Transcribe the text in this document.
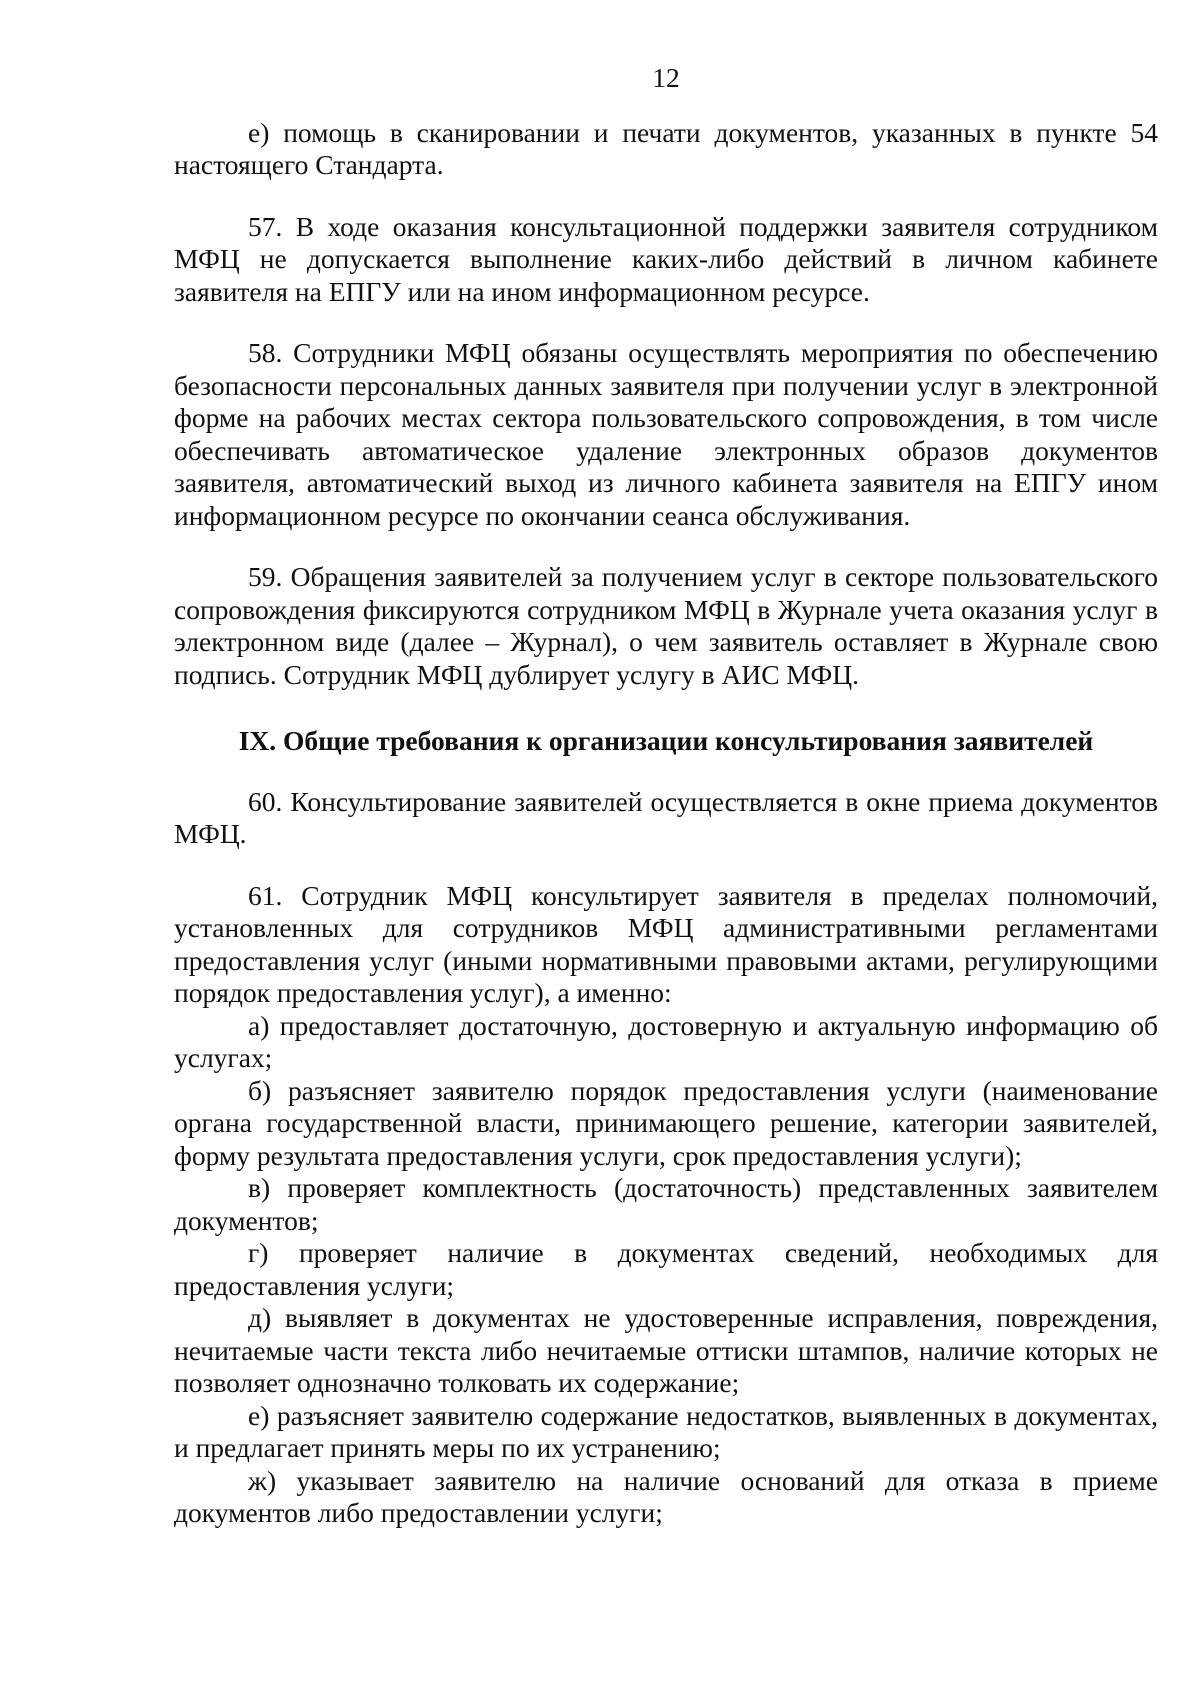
12

е) помощь в сканировании и печати документов, указанных в пункте 54 настоящего Стандарта.

57. В ходе оказания консультационной поддержки заявителя сотрудником МФЦ не допускается выполнение каких-либо действий в личном кабинете заявителя на ЕПГУ или на ином информационном ресурсе.

58. Сотрудники МФЦ обязаны осуществлять мероприятия по обеспечению безопасности персональных данных заявителя при получении услуг в электронной форме на рабочих местах сектора пользовательского сопровождения, в том числе обеспечивать автоматическое удаление электронных образов документов заявителя, автоматический выход из личного кабинета заявителя на ЕПГУ ином информационном ресурсе по окончании сеанса обслуживания.

59. Обращения заявителей за получением услуг в секторе пользовательского сопровождения фиксируются сотрудником МФЦ в Журнале учета оказания услуг в электронном виде (далее – Журнал), о чем заявитель оставляет в Журнале свою подпись. Сотрудник МФЦ дублирует услугу в АИС МФЦ.

IX. Общие требования к организации консультирования заявителей

60. Консультирование заявителей осуществляется в окне приема документов МФЦ.

61. Сотрудник МФЦ консультирует заявителя в пределах полномочий, установленных для сотрудников МФЦ административными регламентами предоставления услуг (иными нормативными правовыми актами, регулирующими порядок предоставления услуг), а именно:

а) предоставляет достаточную, достоверную и актуальную информацию об услугах;

б) разъясняет заявителю порядок предоставления услуги (наименование органа государственной власти, принимающего решение, категории заявителей, форму результата предоставления услуги, срок предоставления услуги);

в) проверяет комплектность (достаточность) представленных заявителем документов;

г) проверяет наличие в документах сведений, необходимых для предоставления услуги;

д) выявляет в документах не удостоверенные исправления, повреждения, нечитаемые части текста либо нечитаемые оттиски штампов, наличие которых не позволяет однозначно толковать их содержание;

е) разъясняет заявителю содержание недостатков, выявленных в документах, и предлагает принять меры по их устранению;

ж) указывает заявителю на наличие оснований для отказа в приеме документов либо предоставлении услуги;
